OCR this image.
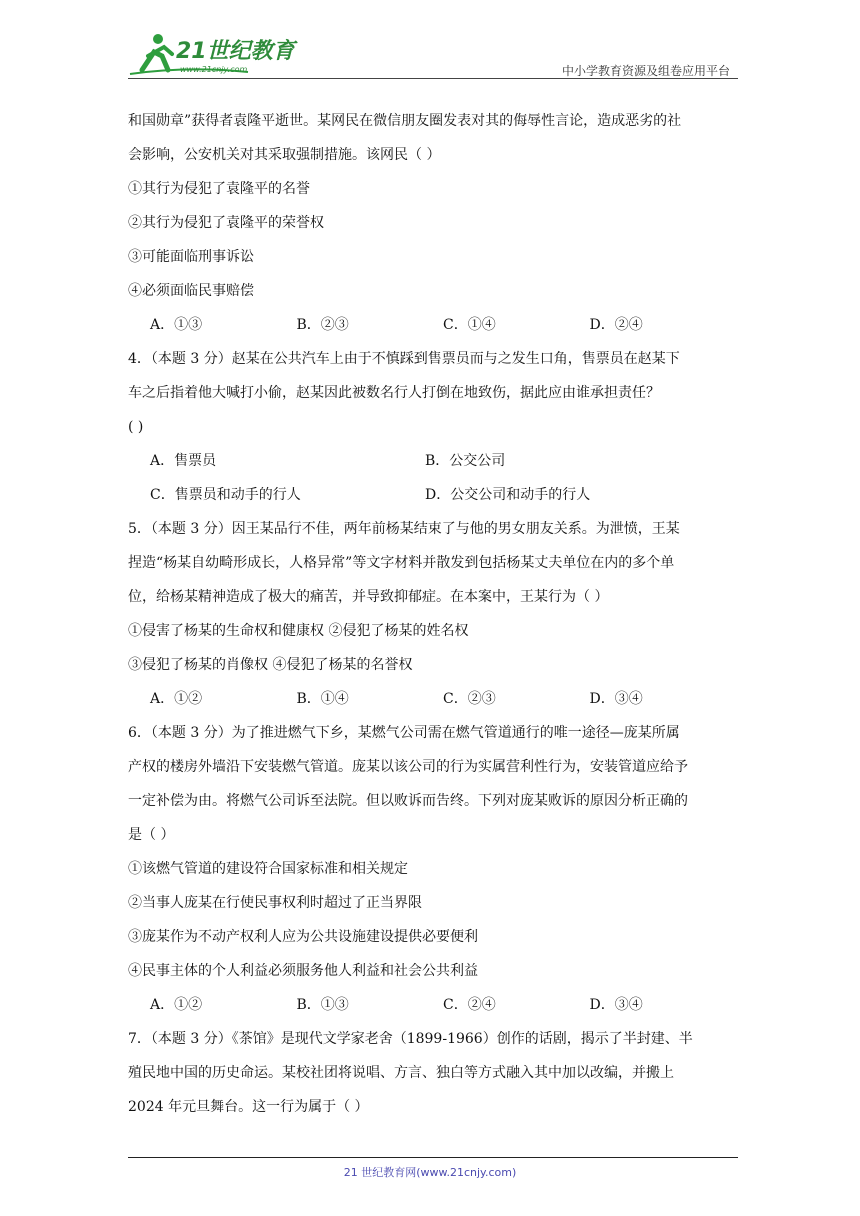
21世纪教育
www.21cnjy.com	中小学教育资源及组卷应用平台
和国勋章”获得者袁隆平逝世。某网民在微信朋友圈发表对其的侮辱性言论，造成恶劣的社
会影响，公安机关对其采取强制措施。该网民（ ）
①其行为侵犯了袁隆平的名誉
②其行为侵犯了袁隆平的荣誉权
③可能面临刑事诉讼
④必须面临民事赔偿
A．①③	B．②③	C．①④	D．②④
4．（本题 3 分）赵某在公共汽车上由于不慎踩到售票员而与之发生口角，售票员在赵某下
车之后指着他大喊打小偷，赵某因此被数名行人打倒在地致伤，据此应由谁承担责任？
( )
A．售票员	B．公交公司
C．售票员和动手的行人	D．公交公司和动手的行人
5．（本题 3 分）因王某品行不佳，两年前杨某结束了与他的男女朋友关系。为泄愤，王某
捏造“杨某自幼畸形成长，人格异常”等文字材料并散发到包括杨某丈夫单位在内的多个单
位，给杨某精神造成了极大的痛苦，并导致抑郁症。在本案中，王某行为（ ）
①侵害了杨某的生命权和健康权 ②侵犯了杨某的姓名权
③侵犯了杨某的肖像权 ④侵犯了杨某的名誉权
A．①②	B．①④	C．②③	D．③④
6．（本题 3 分）为了推进燃气下乡，某燃气公司需在燃气管道通行的唯一途径—庞某所属
产权的楼房外墙沿下安装燃气管道。庞某以该公司的行为实属营利性行为，安装管道应给予
一定补偿为由。将燃气公司诉至法院。但以败诉而告终。下列对庞某败诉的原因分析正确的
是（ ）
①该燃气管道的建设符合国家标准和相关规定
②当事人庞某在行使民事权利时超过了正当界限
③庞某作为不动产权利人应为公共设施建设提供必要便利
④民事主体的个人利益必须服务他人利益和社会公共利益
A．①②	B．①③	C．②④	D．③④
7．（本题 3 分）《茶馆》是现代文学家老舍（1899-1966）创作的话剧，揭示了半封建、半
殖民地中国的历史命运。某校社团将说唱、方言、独白等方式融入其中加以改编，并搬上
2024 年元旦舞台。这一行为属于（ ）
21 世纪教育网(www.21cnjy.com)
